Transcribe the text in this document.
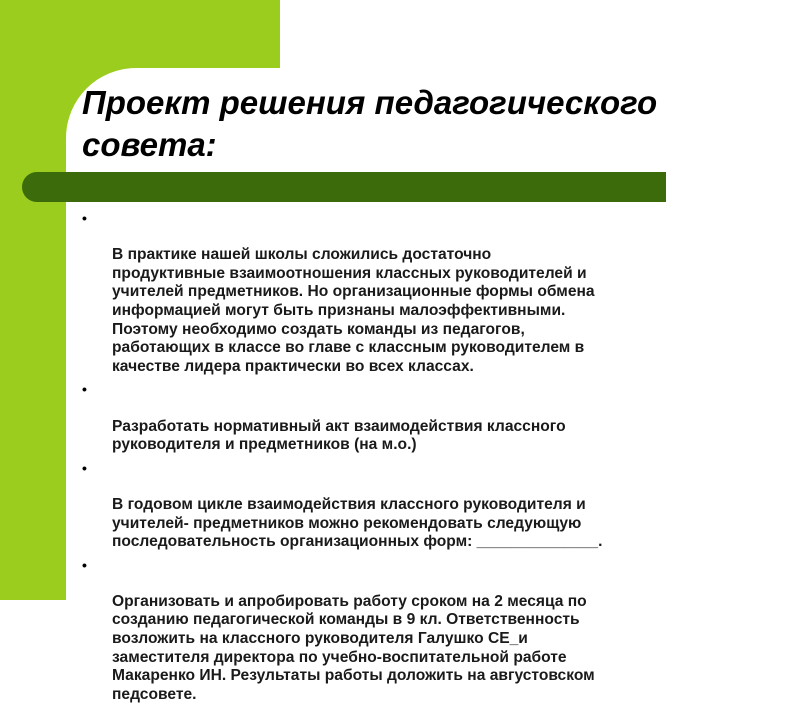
Проект решения педагогического совета:

•

В практике нашей школы сложились достаточно
продуктивные взаимоотношения классных руководителей и
учителей предметников. Но организационные формы обмена
информацией могут быть признаны малоэффективными.
Поэтому необходимо создать команды из педагогов,
работающих в классе во главе с классным руководителем в
качестве лидера практически во всех классах.

•

Разработать нормативный акт взаимодействия классного
руководителя и предметников (на м.о.)

•

В годовом цикле взаимодействия классного руководителя и
учителей- предметников можно рекомендовать следующую
последовательность организационных форм: ______________.

•

Организовать и апробировать работу сроком на 2 месяца по
созданию педагогической команды в 9 кл. Ответственность
возложить на классного руководителя Галушко СЕ_и
заместителя директора по учебно-воспитательной работе
Макаренко ИН. Результаты работы доложить на августовском
педсовете.
